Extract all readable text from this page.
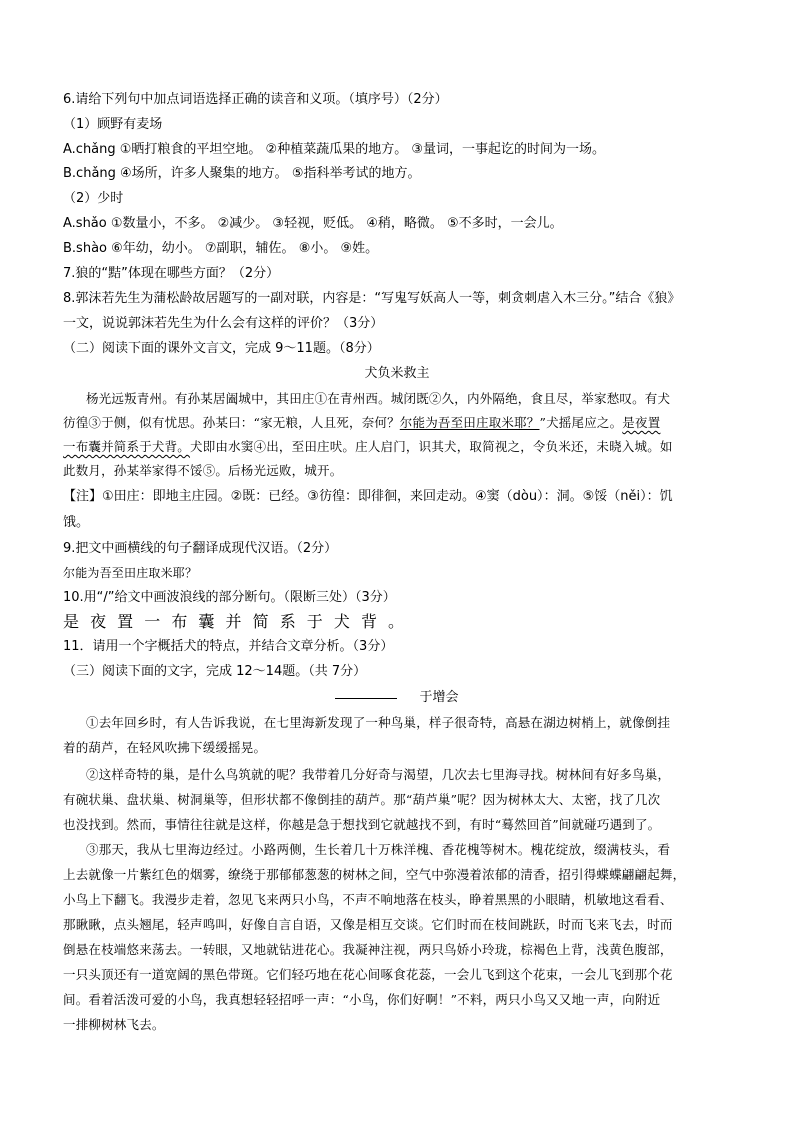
6.请给下列句中加点词语选择正确的读音和义项。（填序号）（2分）
（1）顾野有麦场
A.chǎng ①晒打粮食的平坦空地。 ②种植菜蔬瓜果的地方。 ③量词，一事起讫的时间为一场。
B.chǎng ④场所，许多人聚集的地方。 ⑤指科举考试的地方。
（2）少时
A.shǎo ①数量小，不多。 ②减少。 ③轻视，贬低。 ④稍，略微。 ⑤不多时，一会儿。
B.shào ⑥年幼，幼小。 ⑦副职，辅佐。 ⑧小。 ⑨姓。
7.狼的“黠”体现在哪些方面？（2分）
8.郭沫若先生为蒲松龄故居题写的一副对联，内容是：“写鬼写妖高人一等，刺贪刺虐入木三分。”结合《狼》
一文，说说郭沫若先生为什么会有这样的评价？（3分）
（二）阅读下面的课外文言文，完成 9～11题。（8分）
犬负米救主
杨光远叛青州。有孙某居阖城中，其田庄①在青州西。城闭既②久，内外隔绝，食且尽，举家愁叹。有犬
彷徨③于侧，似有忧思。孙某曰：“家无粮，人且死，奈何？尔能为吾至田庄取米耶？”犬摇尾应之。是夜置
一布囊并简系于犬背。犬即由水窦④出，至田庄吠。庄人启门，识其犬，取简视之，令负米还，未晓入城。如
此数月，孙某举家得不馁⑤。后杨光远败，城开。
【注】①田庄：即地主庄园。②既：已经。③彷徨：即徘徊，来回走动。④窦（dòu）：洞。⑤馁（něi）：饥
饿。
9.把文中画横线的句子翻译成现代汉语。（2分）
尔能为吾至田庄取米耶？
10.用“/”给文中画波浪线的部分断句。（限断三处）（3分）
是 夜 置 一 布 囊 并 简 系 于 犬 背 。
11．请用一个字概括犬的特点，并结合文章分析。（3分）
（三）阅读下面的文字，完成 12～14题。（共 7分）
于增会
①去年回乡时，有人告诉我说，在七里海新发现了一种鸟巢，样子很奇特，高悬在湖边树梢上，就像倒挂
着的葫芦，在轻风吹拂下缓缓摇晃。
②这样奇特的巢，是什么鸟筑就的呢？我带着几分好奇与渴望，几次去七里海寻找。树林间有好多鸟巢，
有碗状巢、盘状巢、树洞巢等，但形状都不像倒挂的葫芦。那“葫芦巢”呢？因为树林太大、太密，找了几次
也没找到。然而，事情往往就是这样，你越是急于想找到它就越找不到，有时“蓦然回首”间就碰巧遇到了。
③那天，我从七里海边经过。小路两侧，生长着几十万株洋槐、香花槐等树木。槐花绽放，缀满枝头，看
上去就像一片紫红色的烟雾，缭绕于那郁郁葱葱的树林之间，空气中弥漫着浓郁的清香，招引得蝶蝶翩翩起舞，
小鸟上下翻飞。我漫步走着，忽见飞来两只小鸟，不声不响地落在枝头，睁着黑黑的小眼睛，机敏地这看看、
那瞅瞅，点头翘尾，轻声鸣叫，好像自言自语，又像是相互交谈。它们时而在枝间跳跃，时而飞来飞去，时而
倒悬在枝端悠来荡去。一转眼，又地就钻进花心。我凝神注视，两只鸟娇小玲珑，棕褐色上背，浅黄色腹部，
一只头顶还有一道宽阔的黑色带斑。它们轻巧地在花心间啄食花蕊，一会儿飞到这个花束，一会儿飞到那个花
间。看着活泼可爱的小鸟，我真想轻轻招呼一声：“小鸟，你们好啊！”不料，两只小鸟又又地一声，向附近
一排柳树林飞去。
